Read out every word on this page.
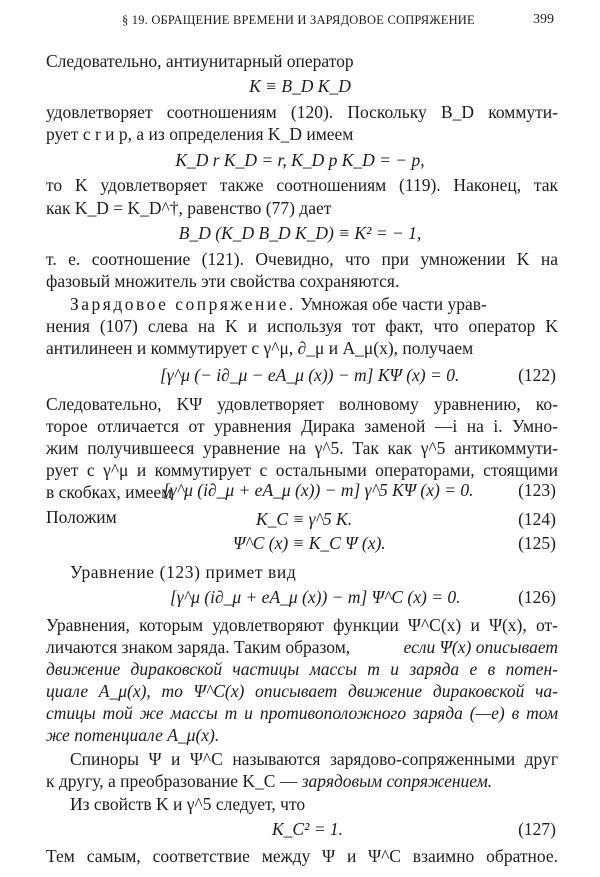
§ 19. ОБРАЩЕНИЕ ВРЕМЕНИ И ЗАРЯДОВОЕ СОПРЯЖЕНИЕ	399
Следовательно, антиунитарный оператор
K ≡ B_D K_D
удовлетворяет соотношениям (120). Поскольку B_D коммути-
рует с r и p, а из определения K_D имеем
K_D r K_D = r, K_D p K_D = − p,
то K удовлетворяет также соотношениям (119). Наконец, так
как K_D = K_D^†, равенство (77) дает
B_D (K_D B_D K_D) ≡ K² = − 1,
т. е. соотношение (121). Очевидно, что при умножении K на
фазовый множитель эти свойства сохраняются.
Зарядовое сопряжение. Умножая обе части урав-
нения (107) слева на K и используя тот факт, что оператор K
антилинеен и коммутирует с γ^μ, ∂_μ и A_μ(x), получаем
[γ^μ (− i∂_μ − eA_μ (x)) − m] KΨ (x) = 0.	(122)
Следовательно, KΨ удовлетворяет волновому уравнению, ко-
торое отличается от уравнения Дирака заменой —i на i. Умно-
жим получившееся уравнение на γ^5. Так как γ^5 антикоммути-
рует с γ^μ и коммутирует с остальными операторами, стоящими
в скобках, имеем
[γ^μ (i∂_μ + eA_μ (x)) − m] γ^5 KΨ (x) = 0.	(123)
Положим	K_C ≡ γ^5 K.	(124)
Ψ^C (x) ≡ K_C Ψ (x).	(125)
Уравнение (123) примет вид
[γ^μ (i∂_μ + eA_μ (x)) − m] Ψ^C (x) = 0.	(126)
Уравнения, которым удовлетворяют функции Ψ^C(x) и Ψ(x), от-
личаются знаком заряда. Таким образом,	если Ψ(x) описывает
движение дираковской частицы массы m и заряда e в потен-
циале A_μ(x), то Ψ^C(x) описывает движение дираковской ча-
стицы той же массы m и противоположного заряда (—e) в том
же потенциале A_μ(x).
Спиноры Ψ и Ψ^C называются зарядово-сопряженными друг
к другу, а преобразование K_C — зарядовым сопряжением.
Из свойств K и γ^5 следует, что
K_C² = 1.	(127)
Тем самым, соответствие между Ψ и Ψ^C взаимно обратное.
